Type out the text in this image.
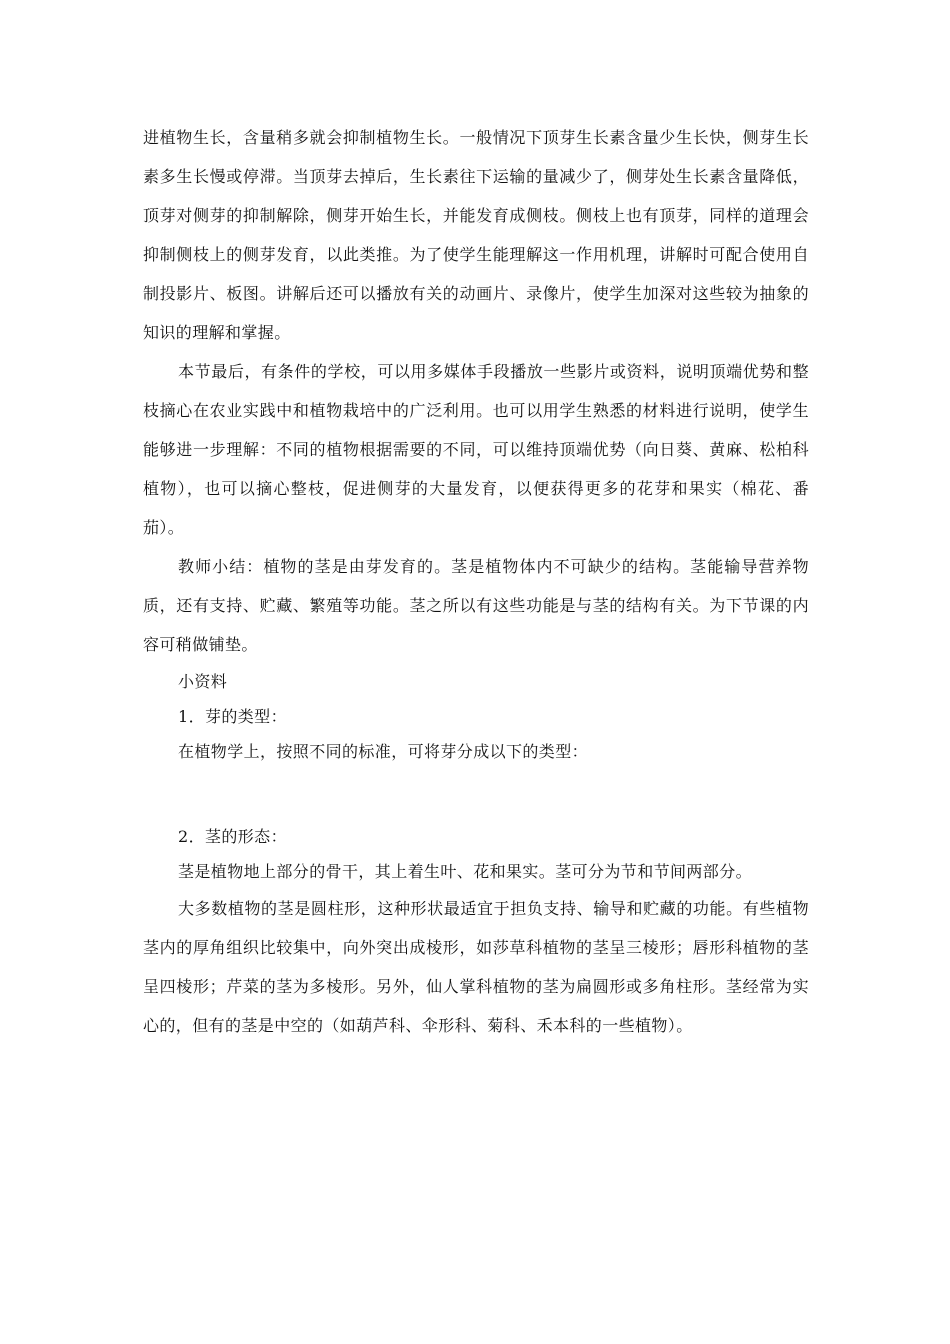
进植物生长，含量稍多就会抑制植物生长。一般情况下顶芽生长素含量少生长快，侧芽生长素多生长慢或停滞。当顶芽去掉后，生长素往下运输的量减少了，侧芽处生长素含量降低，顶芽对侧芽的抑制解除，侧芽开始生长，并能发育成侧枝。侧枝上也有顶芽，同样的道理会抑制侧枝上的侧芽发育，以此类推。为了使学生能理解这一作用机理，讲解时可配合使用自制投影片、板图。讲解后还可以播放有关的动画片、录像片，使学生加深对这些较为抽象的知识的理解和掌握。

本节最后，有条件的学校，可以用多媒体手段播放一些影片或资料，说明顶端优势和整枝摘心在农业实践中和植物栽培中的广泛利用。也可以用学生熟悉的材料进行说明，使学生能够进一步理解：不同的植物根据需要的不同，可以维持顶端优势（向日葵、黄麻、松柏科植物），也可以摘心整枝，促进侧芽的大量发育，以便获得更多的花芽和果实（棉花、番茄）。

教师小结：植物的茎是由芽发育的。茎是植物体内不可缺少的结构。茎能输导营养物质，还有支持、贮藏、繁殖等功能。茎之所以有这些功能是与茎的结构有关。为下节课的内容可稍做铺垫。

小资料

1．芽的类型：

在植物学上，按照不同的标准，可将芽分成以下的类型：

2．茎的形态：

茎是植物地上部分的骨干，其上着生叶、花和果实。茎可分为节和节间两部分。

大多数植物的茎是圆柱形，这种形状最适宜于担负支持、输导和贮藏的功能。有些植物茎内的厚角组织比较集中，向外突出成棱形，如莎草科植物的茎呈三棱形；唇形科植物的茎呈四棱形；芹菜的茎为多棱形。另外，仙人掌科植物的茎为扁圆形或多角柱形。茎经常为实心的，但有的茎是中空的（如葫芦科、伞形科、菊科、禾本科的一些植物）。
